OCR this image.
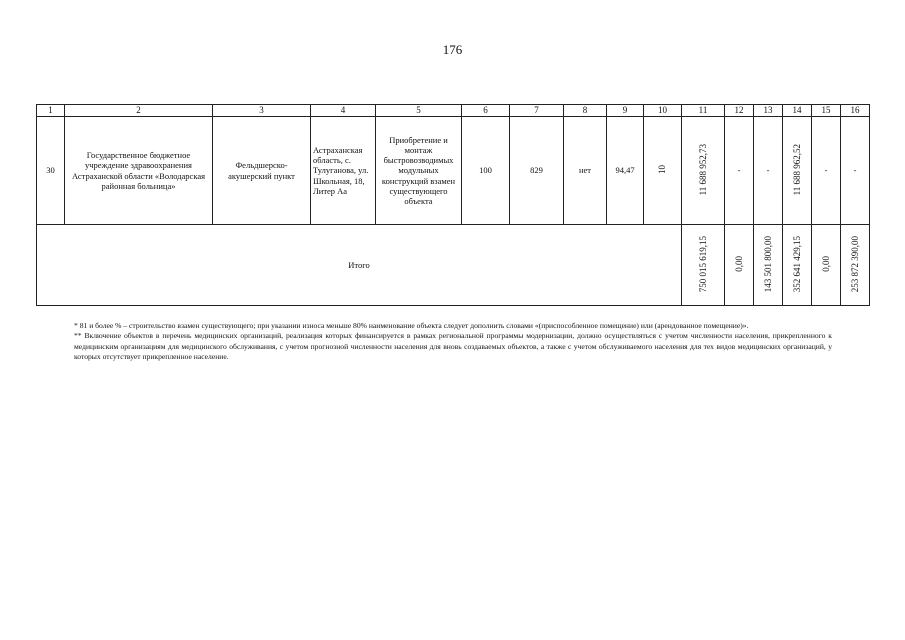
176
1	2	3	4	5	6	7	8	9	10	11	12	13	14	15	16
30	Государственное бюджетное учреждение здравоохранения Астраханской области «Володарская районная больница»	Фельдшерско-акушерский пункт	Астраханская область, с. Тулуганова, ул. Школьная, 18, Литер Аа	Приобретение и монтаж быстровозводимых модульных конструкций взамен существующего объекта	100	829	нет	94,47	10	11 688 952,73	-	-	11 688 962,52	-	-
Итого										750 015 619,15	0,00	143 501 800,00	352 641 429,15	0,00	253 872 390,00

* 81 и более % – строительство взамен существующего; при указании износа меньше 80% наименование объекта следует дополнить словами «(приспособленное помещение) или (арендованное помещение)».

** Включение объектов в перечень медицинских организаций, реализация которых финансируется в рамках региональной программы модернизации, должно осуществляться с учетом численности населения, прикрепленного к медицинским организациям для медицинского обслуживания, с учетом прогнозной численности населения для вновь создаваемых объектов, а также с учетом обслуживаемого населения для тех видов медицинских организаций, у которых отсутствует прикрепленное население.
